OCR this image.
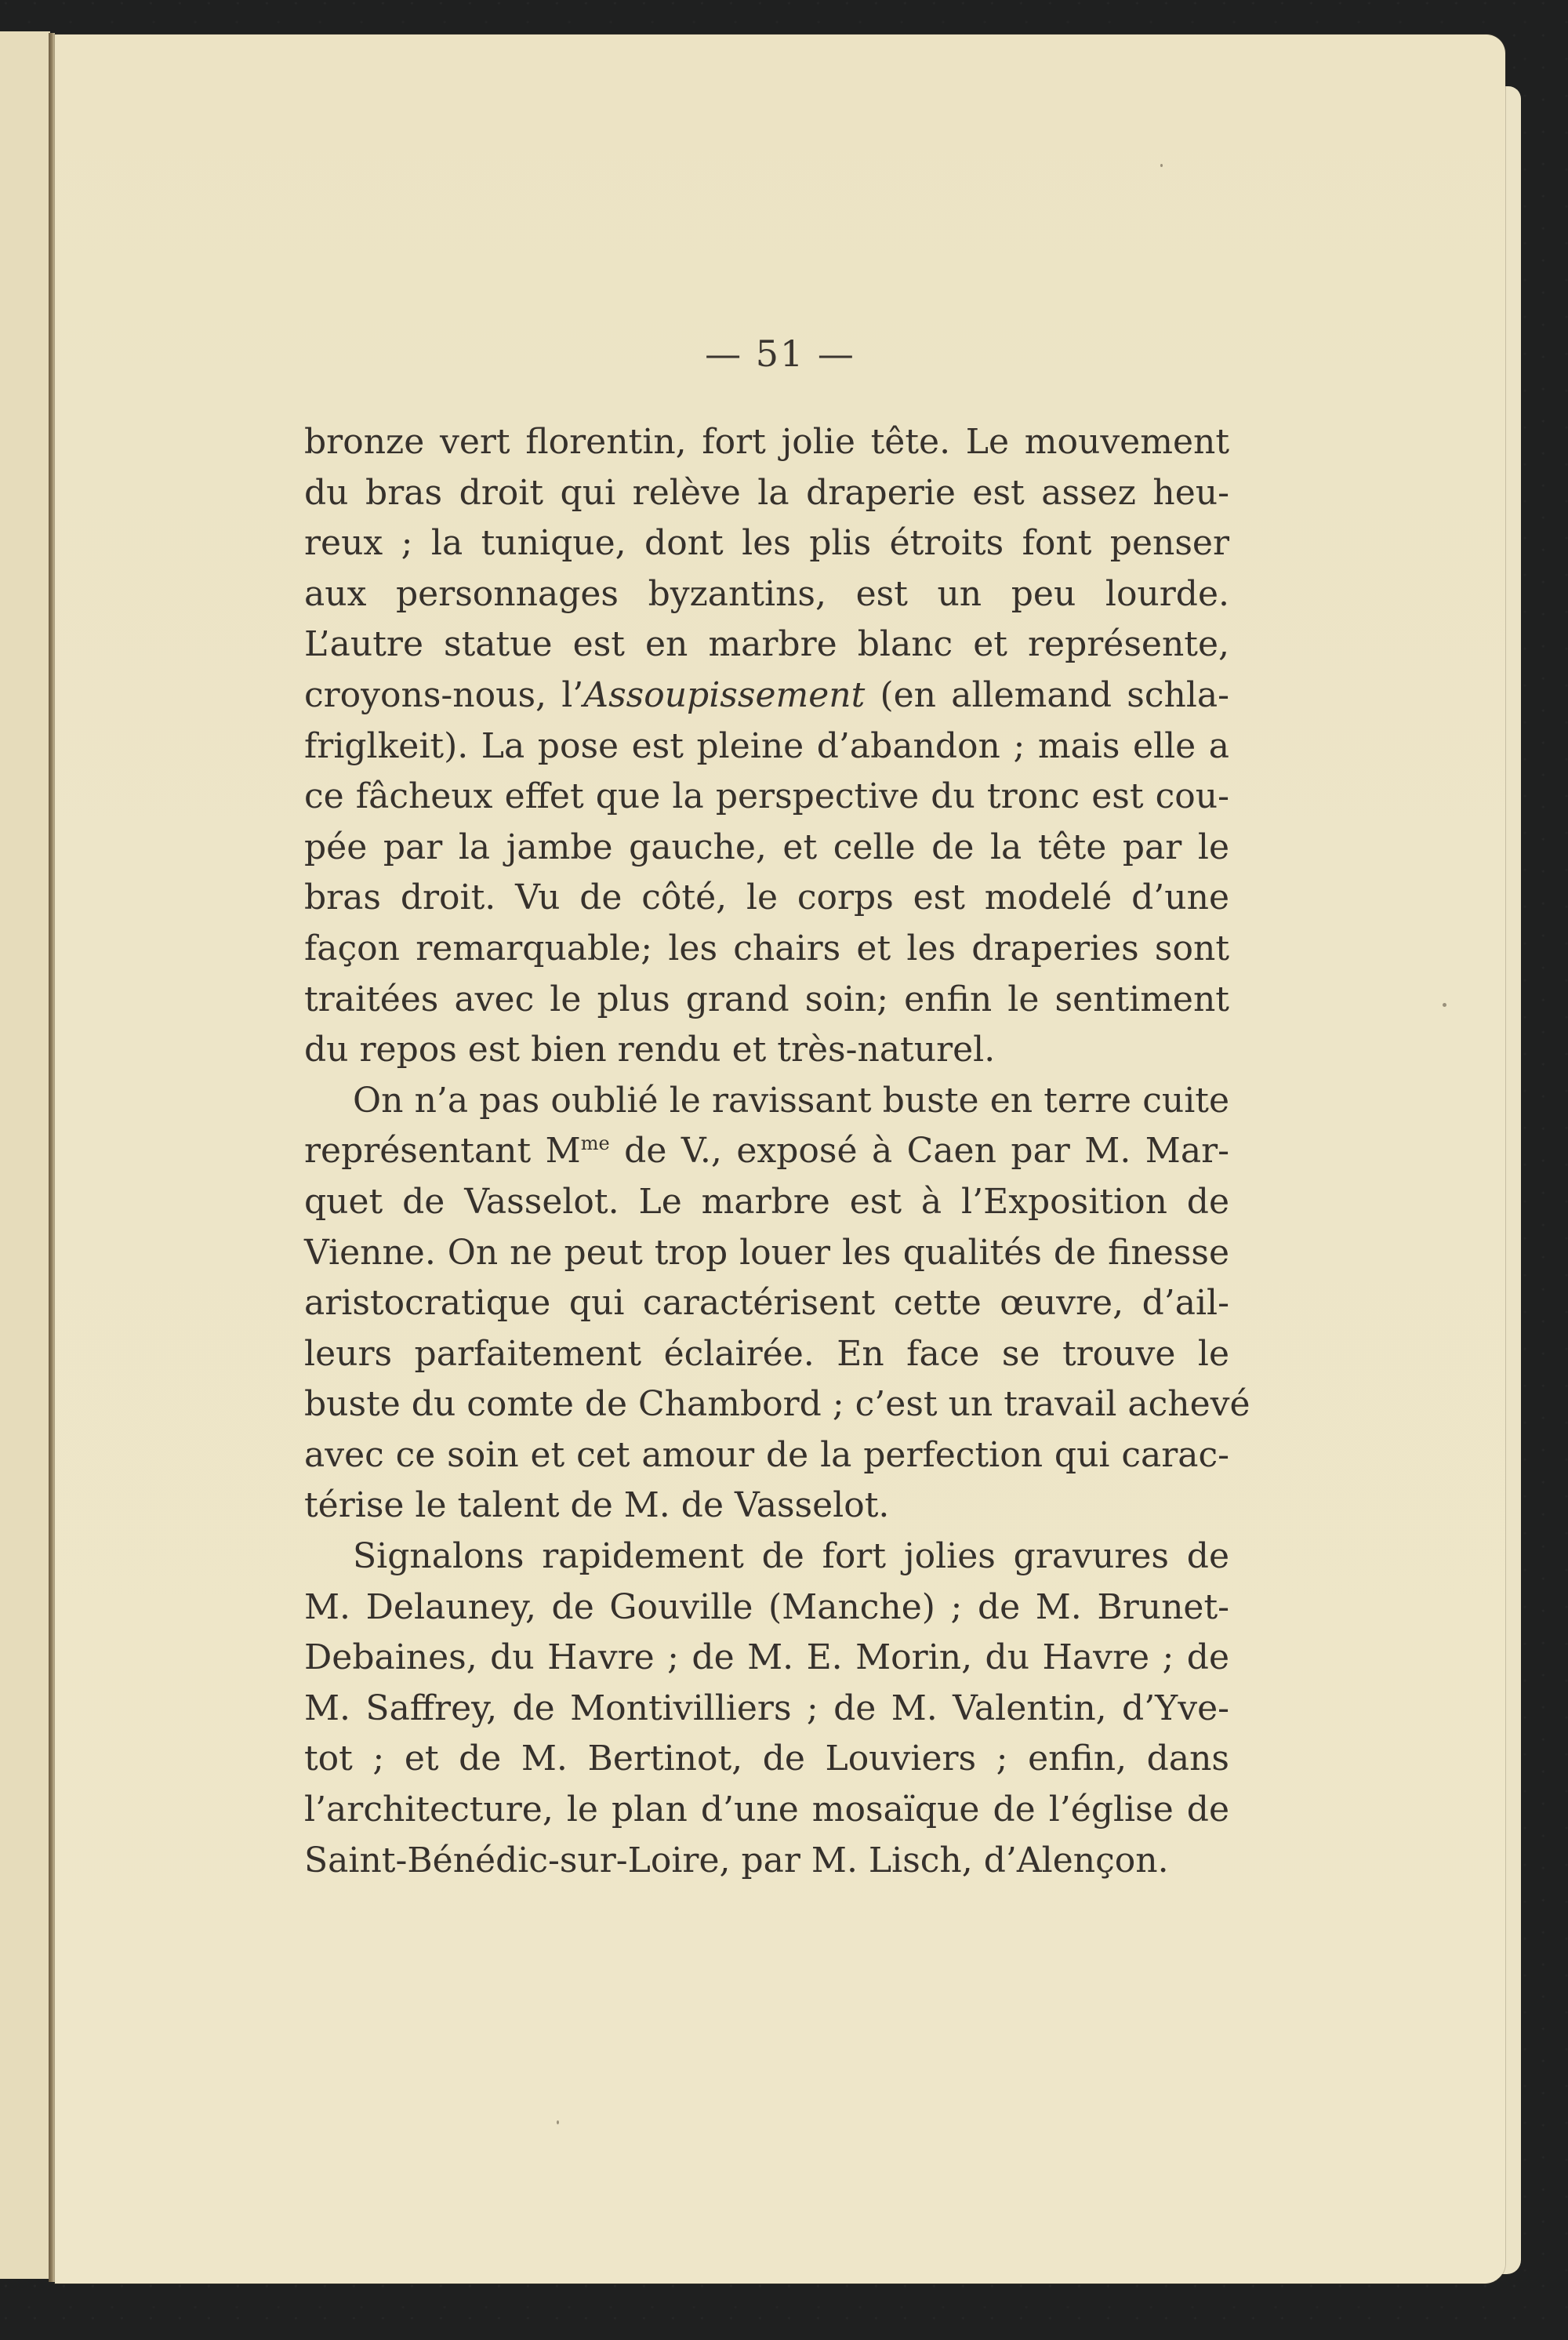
— 51 —
bronze vert florentin, fort jolie tête. Le mouvement
du bras droit qui relève la draperie est assez heu-
reux ; la tunique, dont les plis étroits font penser
aux personnages byzantins, est un peu lourde.
L’autre statue est en marbre blanc et représente,
croyons-nous, l’Assoupissement (en allemand schla-
friglkeit). La pose est pleine d’abandon ; mais elle a
ce fâcheux effet que la perspective du tronc est cou-
pée par la jambe gauche, et celle de la tête par le
bras droit. Vu de côté, le corps est modelé d’une
façon remarquable; les chairs et les draperies sont
traitées avec le plus grand soin; enfin le sentiment
du repos est bien rendu et très-naturel.
On n’a pas oublié le ravissant buste en terre cuite
représentant $M^{me}$ de V., exposé à Caen par M. Mar-
quet de Vasselot. Le marbre est à l’Exposition de
Vienne. On ne peut trop louer les qualités de finesse
aristocratique qui caractérisent cette œuvre, d’ail-
leurs parfaitement éclairée. En face se trouve le
buste du comte de Chambord ; c’est un travail achevé
avec ce soin et cet amour de la perfection qui carac-
térise le talent de M. de Vasselot.
Signalons rapidement de fort jolies gravures de
M. Delauney, de Gouville (Manche) ; de M. Brunet-
Debaines, du Havre ; de M. E. Morin, du Havre ; de
M. Saffrey, de Montivilliers ; de M. Valentin, d’Yve-
tot ; et de M. Bertinot, de Louviers ; enfin, dans
l’architecture, le plan d’une mosaïque de l’église de
Saint-Bénédic-sur-Loire, par M. Lisch, d’Alençon.
